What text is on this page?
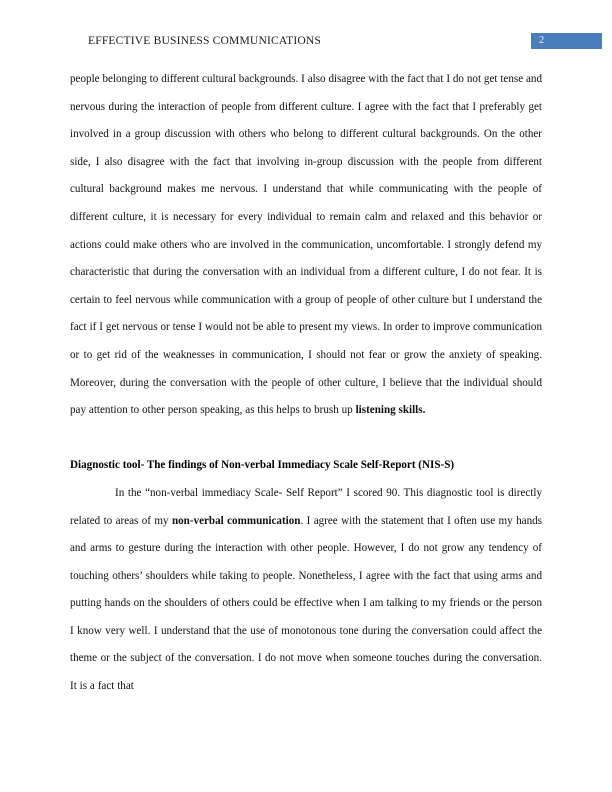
EFFECTIVE BUSINESS COMMUNICATIONS	2

people belonging to different cultural backgrounds. I also disagree with the fact that I do not get tense and nervous during the interaction of people from different culture. I agree with the fact that I preferably get involved in a group discussion with others who belong to different cultural backgrounds. On the other side, I also disagree with the fact that involving in-group discussion with the people from different cultural background makes me nervous. I understand that while communicating with the people of different culture, it is necessary for every individual to remain calm and relaxed and this behavior or actions could make others who are involved in the communication, uncomfortable. I strongly defend my characteristic that during the conversation with an individual from a different culture, I do not fear. It is certain to feel nervous while communication with a group of people of other culture but I understand the fact if I get nervous or tense I would not be able to present my views. In order to improve communication or to get rid of the weaknesses in communication, I should not fear or grow the anxiety of speaking. Moreover, during the conversation with the people of other culture, I believe that the individual should pay attention to other person speaking, as this helps to brush up listening skills.

Diagnostic tool- The findings of Non-verbal Immediacy Scale Self-Report (NIS-S)

In the “non-verbal immediacy Scale- Self Report” I scored 90. This diagnostic tool is directly related to areas of my non-verbal communication. I agree with the statement that I often use my hands and arms to gesture during the interaction with other people. However, I do not grow any tendency of touching others’ shoulders while taking to people. Nonetheless, I agree with the fact that using arms and putting hands on the shoulders of others could be effective when I am talking to my friends or the person I know very well. I understand that the use of monotonous tone during the conversation could affect the theme or the subject of the conversation. I do not move when someone touches during the conversation. It is a fact that
